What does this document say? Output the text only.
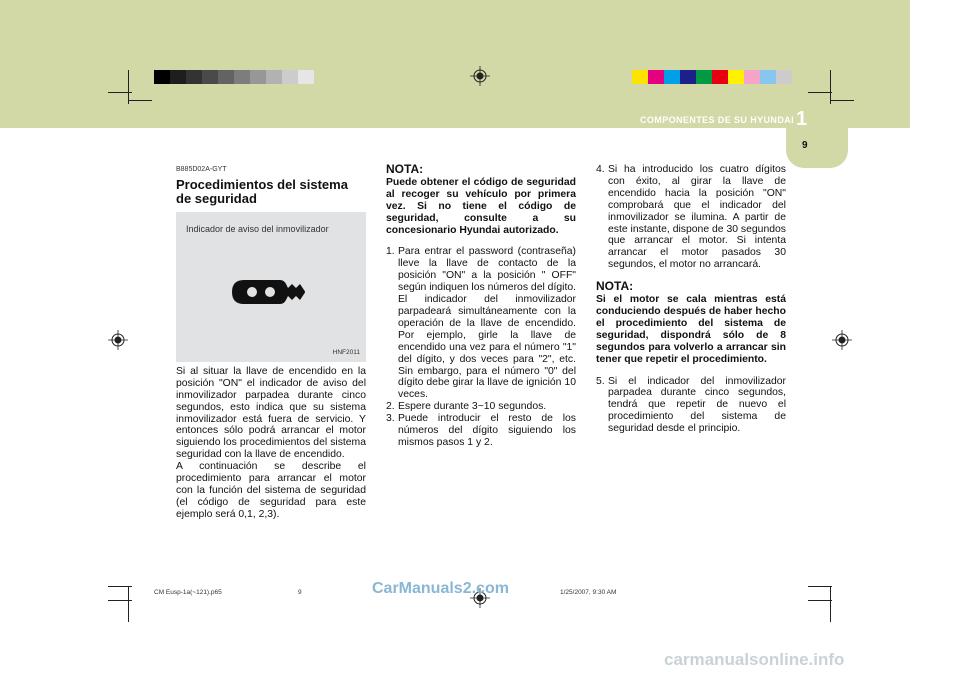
COMPONENTES DE SU HYUNDAI 1
9

B885D02A-GYT

Procedimientos del sistema de seguridad
Indicador de aviso del inmovilizador
HNF2011

Si al situar la llave de encendido en la posición "ON" el indicador de aviso del inmovilizador parpadea durante cinco segundos, esto indica que su sistema inmovilizador está fuera de servicio. Y entonces sólo podrá arrancar el motor siguiendo los procedimientos del sistema seguridad con la llave de encendido.

A continuación se describe el procedimiento para arrancar el motor con la función del sistema de seguridad (el código de seguridad para este ejemplo será 0,1, 2,3).

NOTA:

Puede obtener el código de seguridad al recoger su vehículo por primera vez. Si no tiene el código de seguridad, consulte a su concesionario Hyundai autorizado.

1. Para entrar el password (contraseña) lleve la llave de contacto de la posición "ON" a la posición " OFF" según indiquen los números del dígito. El indicador del inmovilizador parpadeará simultáneamente con la operación de la llave de encendido. Por ejemplo, girle la llave de encendido una vez para el número "1" del dígito, y dos veces para "2", etc. Sin embargo, para el número "0" del dígito debe girar la llave de ignición 10 veces.
2. Espere durante 3~10 segundos.
3. Puede introducir el resto de los números del dígito siguiendo los mismos pasos 1 y 2.
4. Si ha introducido los cuatro dígitos con éxito, al girar la llave de encendido hacia la posición "ON" comprobará que el indicador del inmovilizador se ilumina. A partir de este instante, dispone de 30 segundos que arrancar el motor. Si intenta arrancar el motor pasados 30 segundos, el motor no arrancará.
NOTA:

Si el motor se cala mientras está conduciendo después de haber hecho el procedimiento del sistema de seguridad, dispondrá sólo de 8 segundos para volverlo a arrancar sin tener que repetir el procedimiento.

5. Si el indicador del inmovilizador parpadea durante cinco segundos, tendrá que repetir de nuevo el procedimiento del sistema de seguridad desde el principio.
CM Eusp-1a(~121).p65	9	1/25/2007, 9:30 AM
CarManuals2.com
carmanualsonline.info
